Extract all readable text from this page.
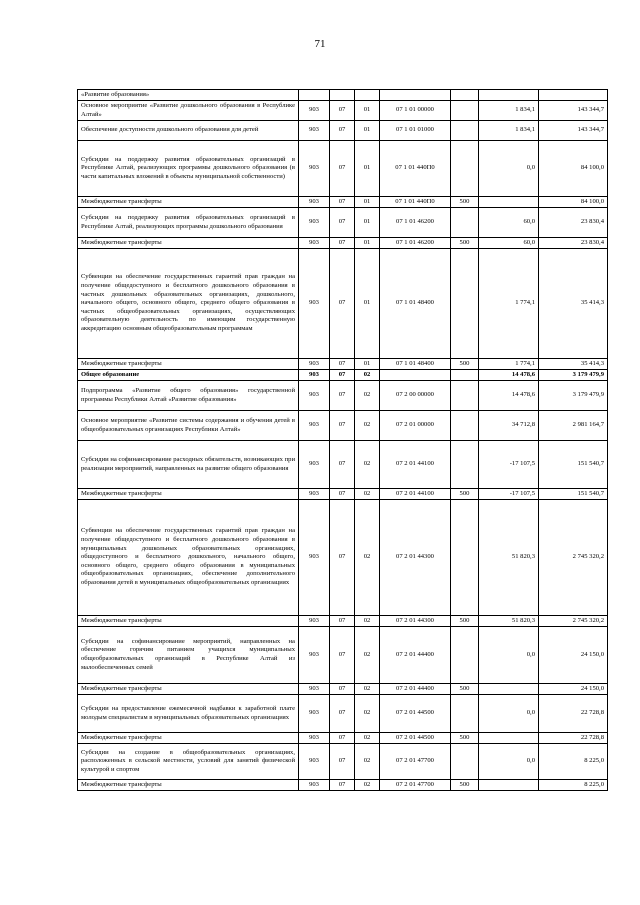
71
«Развитие образования»							
Основное мероприятие «Развитие дошкольного образования в Республике Алтай»	903	07	01	07 1 01 00000		1 834,1	143 344,7
Обеспечение доступности дошкольного образования для детей	903	07	01	07 1 01 01000		1 834,1	143 344,7
Субсидии на поддержку развития образовательных организаций в Республике Алтай, реализующих программы дошкольного образования (в части капитальных вложений в объекты муниципальной собственности)	903	07	01	07 1 01 440П0		0,0	84 100,0
Межбюджетные трансферты	903	07	01	07 1 01 440П0	500		84 100,0
Субсидии на поддержку развития образовательных организаций в Республике Алтай, реализующих программы дошкольного образования	903	07	01	07 1 01 46200		60,0	23 830,4
Межбюджетные трансферты	903	07	01	07 1 01 46200	500	60,0	23 830,4
Субвенции на обеспечение государственных гарантий прав граждан на получение общедоступного и бесплатного дошкольного образования в частных дошкольных образовательных организациях, дошкольного, начального общего, основного общего, среднего общего образования в частных общеобразовательных организациях, осуществляющих образовательную деятельность по имеющим государственную аккредитацию основным общеобразовательным программам	903	07	01	07 1 01 48400		1 774,1	35 414,3
Межбюджетные трансферты	903	07	01	07 1 01 48400	500	1 774,1	35 414,3
Общее образование	903	07	02			14 478,6	3 179 479,9
Подпрограмма «Развитие общего образования» государственной программы Республики Алтай «Развитие образования»	903	07	02	07 2 00 00000		14 478,6	3 179 479,9
Основное мероприятие «Развитие системы содержания и обучения детей в общеобразовательных организациях Республики Алтай»	903	07	02	07 2 01 00000		34 712,8	2 981 164,7
Субсидии на софинансирование расходных обязательств, возникающих при реализации мероприятий, направленных на развитие общего образования	903	07	02	07 2 01 44100		-17 107,5	151 540,7
Межбюджетные трансферты	903	07	02	07 2 01 44100	500	-17 107,5	151 540,7
Субвенции на обеспечение государственных гарантий прав граждан на получение общедоступного и бесплатного дошкольного образования в муниципальных дошкольных образовательных организациях, общедоступного и бесплатного дошкольного, начального общего, основного общего, среднего общего образования в муниципальных общеобразовательных организациях, обеспечение дополнительного образования детей в муниципальных общеобразовательных организациях	903	07	02	07 2 01 44300		51 820,3	2 745 320,2
Межбюджетные трансферты	903	07	02	07 2 01 44300	500	51 820,3	2 745 320,2
Субсидии на софинансирование мероприятий, направленных на обеспечение горячим питанием учащихся муниципальных общеобразовательных организаций в Республике Алтай из малообеспеченных семей	903	07	02	07 2 01 44400		0,0	24 150,0
Межбюджетные трансферты	903	07	02	07 2 01 44400	500		24 150,0
Субсидии на предоставление ежемесячной надбавки к заработной плате молодым специалистам в муниципальных образовательных организациях	903	07	02	07 2 01 44500		0,0	22 728,8
Межбюджетные трансферты	903	07	02	07 2 01 44500	500		22 728,8
Субсидии на создание в общеобразовательных организациях, расположенных в сельской местности, условий для занятий физической культурой и спортом	903	07	02	07 2 01 47700		0,0	8 225,0
Межбюджетные трансферты	903	07	02	07 2 01 47700	500		8 225,0
